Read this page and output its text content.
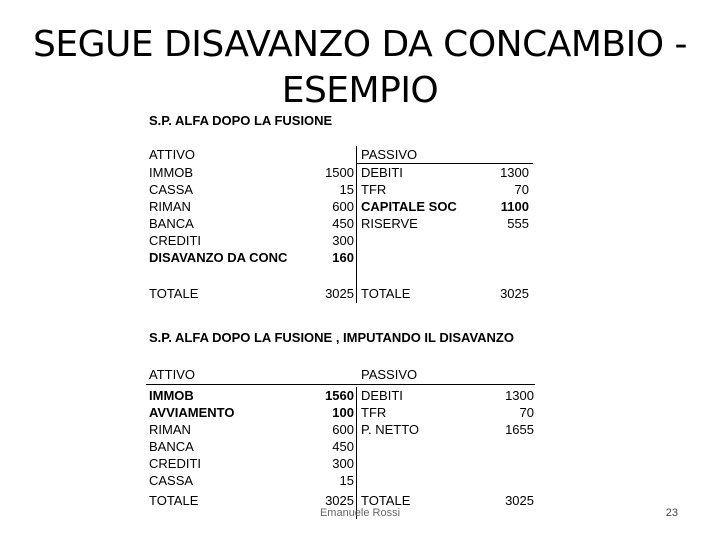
SEGUE DISAVANZO DA CONCAMBIO -
ESEMPIO
S.P. ALFA DOPO LA FUSIONE
ATTIVO	PASSIVO
IMMOB	1500 DEBITI	1300
CASSA	15 TFR	70
RIMAN	600 CAPITALE SOC	1100
BANCA	450 RISERVE	555
CREDITI	300
DISAVANZO DA CONC	160
TOTALE	3025 TOTALE	3025
S.P. ALFA DOPO LA FUSIONE , IMPUTANDO IL DISAVANZO
ATTIVO	PASSIVO
IMMOB	1560 DEBITI	1300
AVVIAMENTO	100 TFR	70
RIMAN	600 P. NETTO	1655
BANCA	450
CREDITI	300
CASSA	15
TOTALE	3025 TOTALE	3025
Emanuele Rossi	23
